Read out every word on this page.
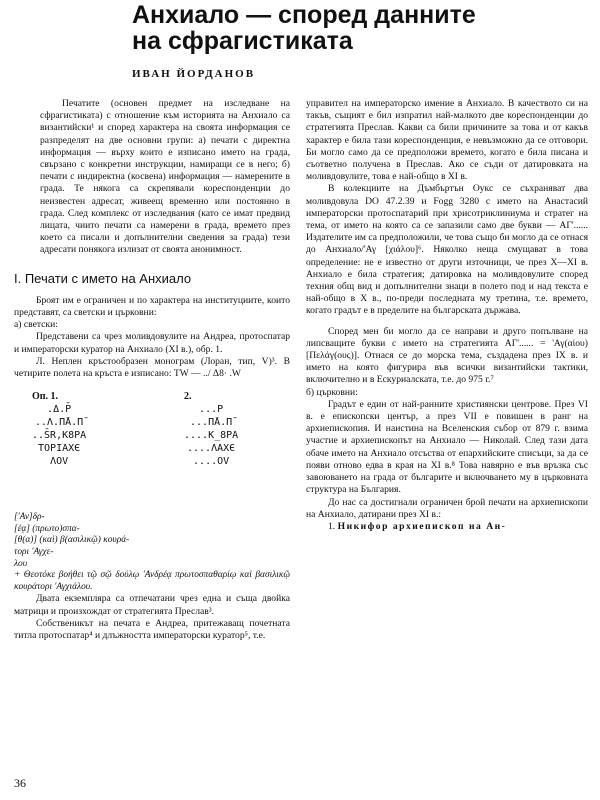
Анхиало — според данните
на сфрагистиката
ИВАН ЙОРДАНОВ

Печатите (основен предмет на изследване на сфрагистиката) с отношение към историята на Анхиало са византийски¹ и според характера на своята информация се разпределят на две основни групи: а) печати с директна информация — върху които е изписано името на града, свързано с конкретни инструкции, намиращи се в него; б) печати с индиректна (косвена) информация — намерените в града. Те някога са скрепявали кореспонденции до неизвестен адресат, живеещ временно или постоянно в града. След комплекс от изследвания (като се имат предвид лицата, чиито печати са намерени в града, времето през което са писали и допълнителни сведения за града) тези адресати понякога излизат от своята анонимност.

I. Печати с името на Анхиало

Броят им е ограничен и по характера на институциите, които представят, са светски и църковни:

а) светски:

Представени са чрез моливдовулите на Андреа, протоспатар и императорски куратор на Анхиало (XI в.), обр. 1.

Л. Неплен кръстообразен монограм (Лоран, тип, V)³. В четирите полета на кръста е изписано: TW — ../ Δ8· .W

Оп. 1.
.Δ.P̄
..Λ.Π̄Α.Π̄
..S̄R,K8PA
TOPIAXЄ
ΛOV
2.
...P
...Π̄Α.Π̄
....K̲8PA
....ΛΑΧЄ
....OV

['Αν]δρ-

[έᾳ] (πρωτο)σπα-

[θ(α)] (καὶ) β(ασιλικῷ) κουρά-

τορι 'Αγχε-

λου

+ Θεοτόκε βοήθει τῷ σῷ δούλῳ 'Ανδρέᾳ πρωτοσπαθαρίῳ καὶ βασιλικῷ κουράτορι 'Αγχιάλου.

Двата екземпляра са отпечатани чрез една и съща двойка матрици и произхождат от стратегията Преслав³.

Собственикът на печата е Андреа, притежаващ почетната титла протоспатар⁴ и длъжността императорски куратор⁵, т.е.

управител на императорско имение в Анхиало. В качеството си на такъв, същият е бил изпратил най-малкото две кореспонденции до стратегията Преслав. Какви са били причините за това и от какъв характер е била тази кореспонденция, е невъзможно да се отговори. Би могло само да се предположи времето, когато е била писана и съответно получена в Преслав. Ако се съди от датировката на моливдовулите, това е най-общо в XI в.

В колекциите на Дъмбъртън Оукс се съхраняват два моливдовула DO 47.2.39 и Fogg 3280 с името на Анастасий императорски протоспатарий при хрисотриклиниума и стратег на тема, от името на която са се запазили само две букви — ΑΓ'...... Издателите им са предположили, че това също би могло да се отнася до Анхиало/'Αγ [χιάλου]⁶. Няколко неща смущават в това определение: не е известно от други източници, че през X—XI в. Анхиало е била стратегия; датировка на моливдовулите според техния общ вид и допълнителни знаци в полето под и над текста е най-общо в X в., по-преди последната му третина, т.е. времето, когато градът е в пределите на българската държава.

Според мен би могло да се направи и друго попълване на липсващите букви с името на стратегията ΑΓ'...... = 'Αγ(αίου) [Πελάγ(ους)]. Отнася се до морска тема, създадена през IX в. и името на която фигурира във всички византийски тактики, включително и в Ескуриалската, т.е. до 975 г.⁷

б) църковни:

Градът е един от най-ранните християнски центрове. През VI в. е епископски център, а през VII е повишен в ранг на архиепископия. И наистина на Вселенския събор от 879 г. взима участие и архиепископът на Анхиало — Николай. След тази дата обаче името на Анхиало отсъства от епархийските списъци, за да се появи отново едва в края на XI в.⁸ Това навярно е във връзка със завоюването на града от българите и включването му в църковната структура на България.

До нас са достигнали ограничен брой печати на архиепископи на Анхиало, датирани през XI в.:

1. Никифор архиепископ на Ан-

36
